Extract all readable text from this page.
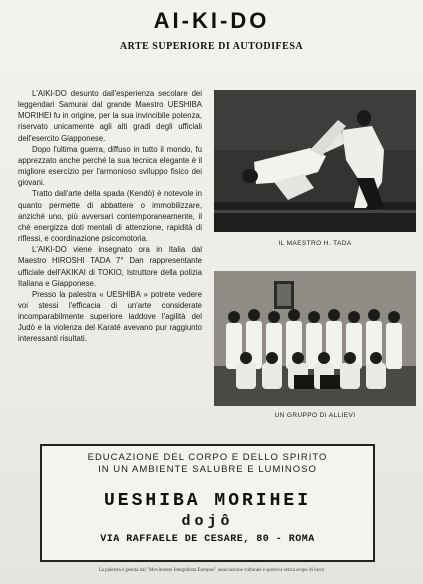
AI-KI-DO
ARTE SUPERIORE DI AUTODIFESA

L'AIKI-DO desunto dall'esperienza secolare dei leggendari Samurai dal grande Maestro UESHIBA MORIHEI fu in origine, per la sua invincibile potenza, riservato unicamente agli alti gradi degli ufficiali dell'esercito Giapponese.

Dopo l'ultima guerra, diffuso in tutto il mondo, fu apprezzato anche perché la sua tecnica elegante è il migliore esercizio per l'armonioso sviluppo fisico dei giovani.

Tratto dall'arte della spada (Kendò) è notevole in quanto permette di abbattere o immobilizzare, anziché uno, più avversari contemporaneamente, il chè energizza doti mentali di attenzione, rapidità di riflessi, e coordinazione psicomotoria.

L'AIKI-DO viene insegnato ora in Italia dal Maestro HIROSHI TADA 7° Dan rappresentante ufficiale dell'AKIKAI di TOKIO, Istruttore della polizia Italiana e Giapponese.

Presso la palestra « UESHIBA » potrete vedere voi stessi l'efficacia di un'arte considerate incomparabilmente superiore laddove l'agilità del Judò e la violenza del Karaté avevano pur raggiunto interessanti risultati.

IL MAESTRO H. TADA
UN GRUPPO DI ALLIEVI
EDUCAZIONE DEL CORPO E DELLO SPIRITO
IN UN AMBIENTE SALUBRE E LUMINOSO
UESHIBA MORIHEI
dojô
VIA RAFFAELE DE CESARE, 80 - ROMA
La palestra è gestita dal "Movimento Integralista Europeo" associazione culturale e sportiva senza scopo di lucro
